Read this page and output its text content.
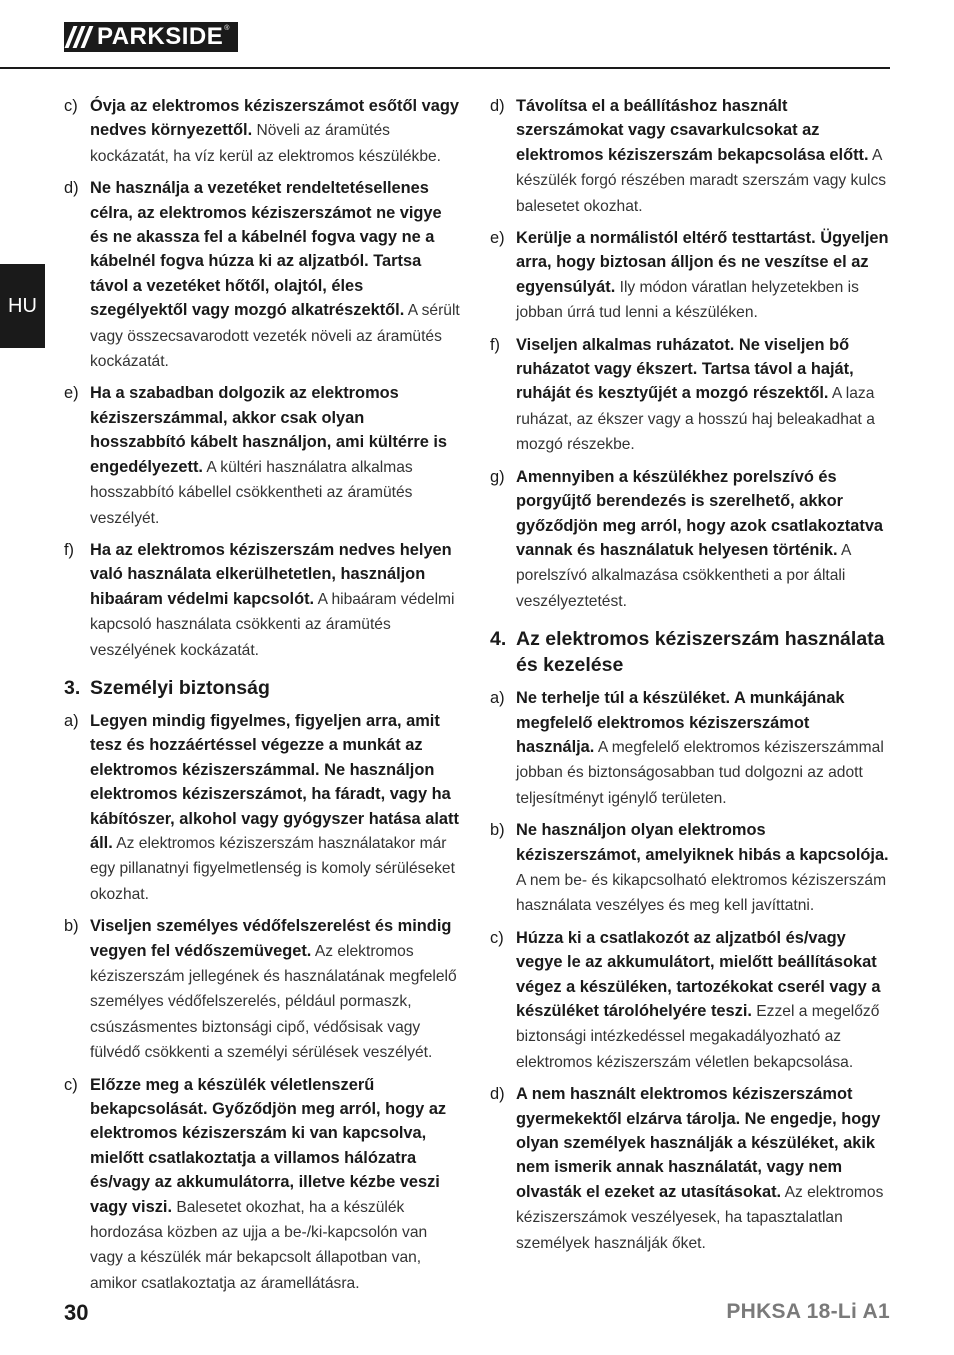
PARKSIDE ®
HU
c) Óvja az elektromos kéziszerszámot esőtől vagy nedves környezettől. Növeli az áramütés kockázatát, ha víz kerül az elektromos készülékbe.
d) Ne használja a vezetéket rendeltetésellenes célra, az elektromos kéziszerszámot ne vigye és ne akassza fel a kábelnél fogva vagy ne a kábelnél fogva húzza ki az aljzatból. Tartsa távol a vezetéket hőtől, olajtól, éles szegélyektől vagy mozgó alkatrészektől. A sérült vagy összecsavarodott vezeték növeli az áramütés kockázatát.
e) Ha a szabadban dolgozik az elektromos kéziszerszámmal, akkor csak olyan hosszabbító kábelt használjon, ami kültérre is engedélyezett. A kültéri használatra alkalmas hosszabbító kábellel csökkentheti az áramütés veszélyét.
f) Ha az elektromos kéziszerszám nedves helyen való használata elkerülhetetlen, használjon hibaáram védelmi kapcsolót. A hibaáram védelmi kapcsoló használata csökkenti az áramütés veszélyének kockázatát.
3. Személyi biztonság
a) Legyen mindig figyelmes, figyeljen arra, amit tesz és hozzáértéssel végezze a munkát az elektromos kéziszerszámmal. Ne használjon elektromos kéziszerszámot, ha fáradt, vagy ha kábítószer, alkohol vagy gyógyszer hatása alatt áll. Az elektromos kéziszerszám használatakor már egy pillanatnyi figyelmetlenség is komoly sérüléseket okozhat.
b) Viseljen személyes védőfelszerelést és mindig vegyen fel védőszemüveget. Az elektromos kéziszerszám jellegének és használatának megfelelő személyes védőfelszerelés, például pormaszk, csúszásmentes biztonsági cipő, védősisak vagy fülvédő csökkenti a személyi sérülések veszélyét.
c) Előzze meg a készülék véletlenszerű bekapcsolását. Győződjön meg arról, hogy az elektromos kéziszerszám ki van kapcsolva, mielőtt csatlakoztatja a villamos hálózatra és/vagy az akkumulátorra, illetve kézbe veszi vagy viszi. Balesetet okozhat, ha a készülék hordozása közben az ujja a be-/ki-kapcsolón van vagy a készülék már bekapcsolt állapotban van, amikor csatlakoztatja az áramellátásra.
d) Távolítsa el a beállításhoz használt szerszámokat vagy csavarkulcsokat az elektromos kéziszerszám bekapcsolása előtt. A készülék forgó részében maradt szerszám vagy kulcs balesetet okozhat.
e) Kerülje a normálistól eltérő testtartást. Ügyeljen arra, hogy biztosan álljon és ne veszítse el az egyensúlyát. Ily módon váratlan helyzetekben is jobban úrrá tud lenni a készüléken.
f) Viseljen alkalmas ruházatot. Ne viseljen bő ruházatot vagy ékszert. Tartsa távol a haját, ruháját és kesztyűjét a mozgó részektől. A laza ruházat, az ékszer vagy a hosszú haj beleakadhat a mozgó részekbe.
g) Amennyiben a készülékhez porelszívó és porgyűjtő berendezés is szerelhető, akkor győződjön meg arról, hogy azok csatlakoztatva vannak és használatuk helyesen történik. A porelszívó alkalmazása csökkentheti a por általi veszélyeztetést.
4. Az elektromos kéziszerszám használata és kezelése
a) Ne terhelje túl a készüléket. A munkájának megfelelő elektromos kéziszerszámot használja. A megfelelő elektromos kéziszerszámmal jobban és biztonságosabban tud dolgozni az adott teljesítményt igénylő területen.
b) Ne használjon olyan elektromos kéziszerszámot, amelyiknek hibás a kapcsolója. A nem be- és kikapcsolható elektromos kéziszerszám használata veszélyes és meg kell javíttatni.
c) Húzza ki a csatlakozót az aljzatból és/vagy vegye le az akkumulátort, mielőtt beállításokat végez a készüléken, tartozékokat cserél vagy a készüléket tárolóhelyére teszi. Ezzel a megelőző biztonsági intézkedéssel megakadályozható az elektromos kéziszerszám véletlen bekapcsolása.
d) A nem használt elektromos kéziszerszámot gyermekektől elzárva tárolja. Ne engedje, hogy olyan személyek használják a készüléket, akik nem ismerik annak használatát, vagy nem olvasták el ezeket az utasításokat. Az elektromos kéziszerszámok veszélyesek, ha tapasztalatlan személyek használják őket.
30	PHKSA 18-Li A1
